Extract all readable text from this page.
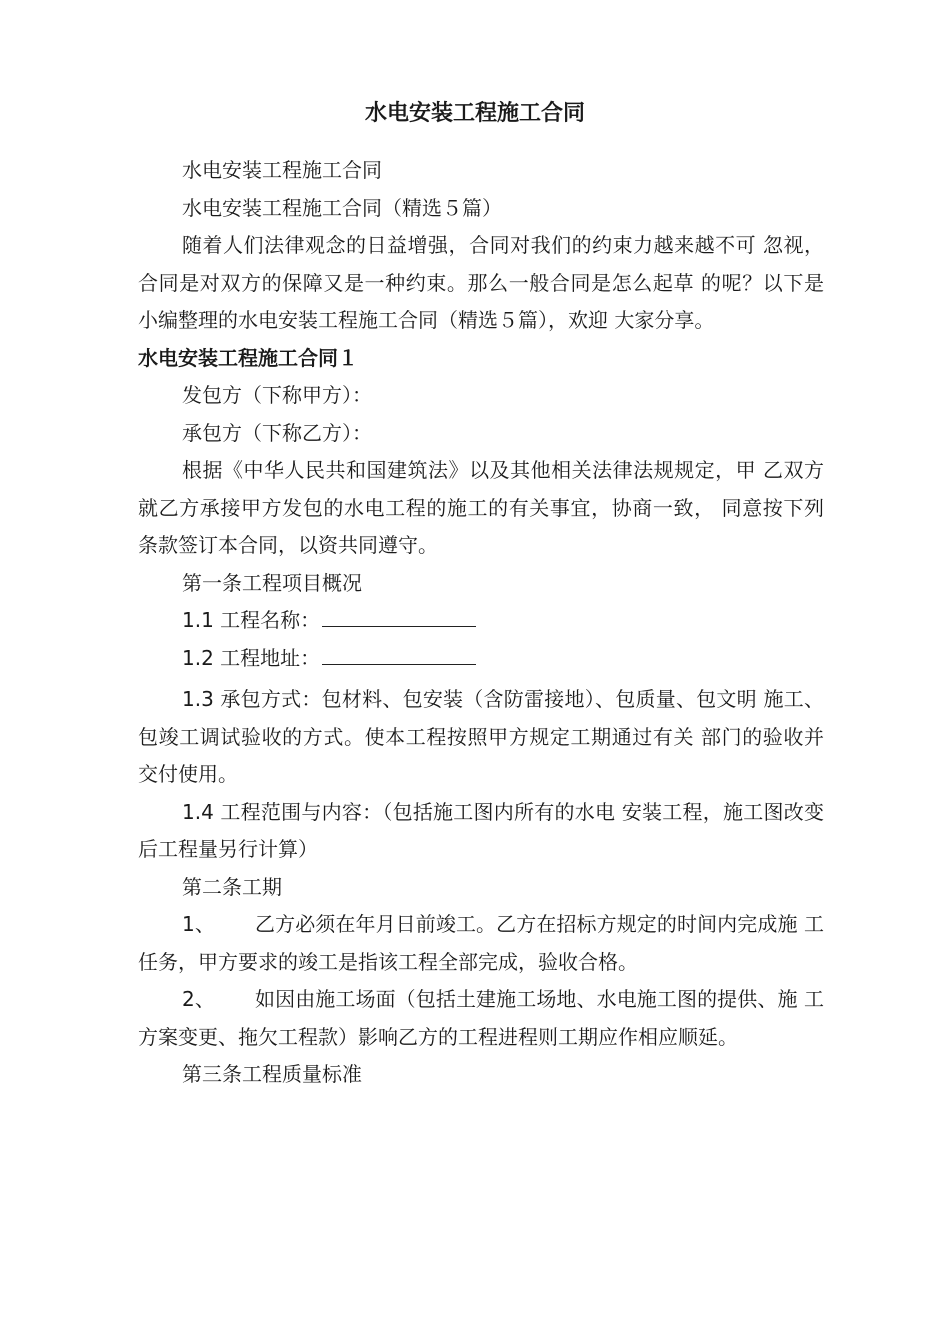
水电安装工程施工合同

水电安装工程施工合同

水电安装工程施工合同（精选５篇）

随着人们法律观念的日益增强，合同对我们的约束力越来越不可 忽视，合同是对双方的保障又是一种约束。那么一般合同是怎么起草 的呢？以下是小编整理的水电安装工程施工合同（精选５篇），欢迎 大家分享。

水电安装工程施工合同１

发包方（下称甲方）：

承包方（下称乙方）：

根据《中华人民共和国建筑法》以及其他相关法律法规规定，甲 乙双方就乙方承接甲方发包的水电工程的施工的有关事宜，协商一致， 同意按下列条款签订本合同，以资共同遵守。

第一条工程项目概况

1.1 工程名称：

1.2 工程地址：

1.3 承包方式：包材料、包安装（含防雷接地）、包质量、包文明 施工、包竣工调试验收的方式。使本工程按照甲方规定工期通过有关 部门的验收并交付使用。

1.4 工程范围与内容：（包括施工图内所有的水电 安装工程，施工图改变后工程量另行计算）

第二条工期

1、 乙方必须在年月日前竣工。乙方在招标方规定的时间内完成施 工任务，甲方要求的竣工是指该工程全部完成，验收合格。

2、 如因由施工场面（包括土建施工场地、水电施工图的提供、施 工方案变更、拖欠工程款）影响乙方的工程进程则工期应作相应顺延。

第三条工程质量标准
